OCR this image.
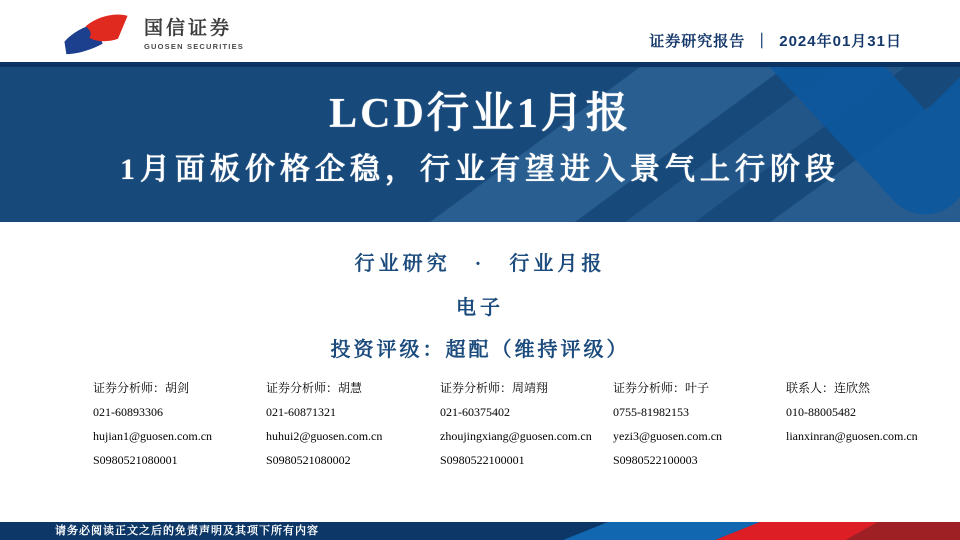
国信证券
GUOSEN SECURITIES	证券研究报告 ｜ 2024年01月31日
LCD行业1月报
1月面板价格企稳，行业有望进入景气上行阶段
行业研究　·　行业月报
电子
投资评级：超配（维持评级）

证券分析师：胡剑

021-60893306

hujian1@guosen.com.cn

S0980521080001

证券分析师：胡慧

021-60871321

huhui2@guosen.com.cn

S0980521080002

证券分析师：周靖翔

021-60375402

zhoujingxiang@guosen.com.cn

S0980522100001

证券分析师：叶子

0755-81982153

yezi3@guosen.com.cn

S0980522100003

联系人：连欣然

010-88005482

lianxinran@guosen.com.cn

请务必阅读正文之后的免责声明及其项下所有内容
